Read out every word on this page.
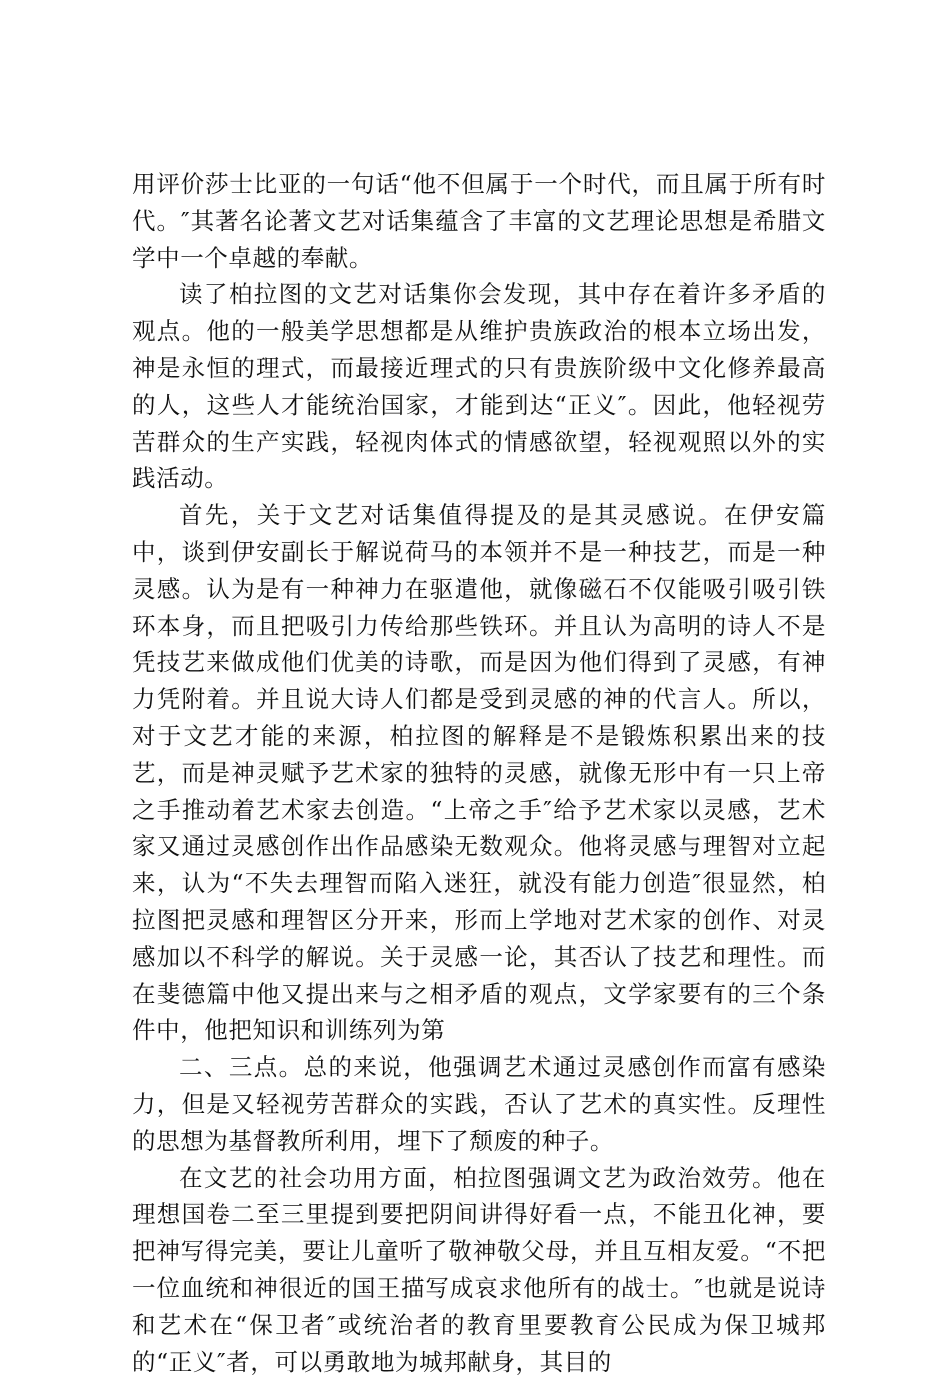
用评价莎士比亚的一句话“他不但属于一个时代，而且属于所有时代。″其著名论著文艺对话集蕴含了丰富的文艺理论思想是希腊文学中一个卓越的奉献。

读了柏拉图的文艺对话集你会发现，其中存在着许多矛盾的观点。他的一般美学思想都是从维护贵族政治的根本立场出发，神是永恒的理式，而最接近理式的只有贵族阶级中文化修养最高的人，这些人才能统治国家，才能到达“正义″。因此，他轻视劳苦群众的生产实践，轻视肉体式的情感欲望，轻视观照以外的实践活动。

首先，关于文艺对话集值得提及的是其灵感说。在伊安篇中，谈到伊安副长于解说荷马的本领并不是一种技艺，而是一种灵感。认为是有一种神力在驱遣他，就像磁石不仅能吸引吸引铁环本身，而且把吸引力传给那些铁环。并且认为高明的诗人不是凭技艺来做成他们优美的诗歌，而是因为他们得到了灵感，有神力凭附着。并且说大诗人们都是受到灵感的神的代言人。所以，对于文艺才能的来源，柏拉图的解释是不是锻炼积累出来的技艺，而是神灵赋予艺术家的独特的灵感，就像无形中有一只上帝之手推动着艺术家去创造。“上帝之手″给予艺术家以灵感，艺术家又通过灵感创作出作品感染无数观众。他将灵感与理智对立起来，认为“不失去理智而陷入迷狂，就没有能力创造″很显然，柏拉图把灵感和理智区分开来，形而上学地对艺术家的创作、对灵感加以不科学的解说。关于灵感一论，其否认了技艺和理性。而在斐德篇中他又提出来与之相矛盾的观点，文学家要有的三个条件中，他把知识和训练列为第

二、三点。总的来说，他强调艺术通过灵感创作而富有感染力，但是又轻视劳苦群众的实践，否认了艺术的真实性。反理性的思想为基督教所利用，埋下了颓废的种子。

在文艺的社会功用方面，柏拉图强调文艺为政治效劳。他在理想国卷二至三里提到要把阴间讲得好看一点，不能丑化神，要把神写得完美，要让儿童听了敬神敬父母，并且互相友爱。“不把一位血统和神很近的国王描写成哀求他所有的战士。″也就是说诗和艺术在“保卫者″或统治者的教育里要教育公民成为保卫城邦的“正义″者，可以勇敢地为城邦献身，其目的
